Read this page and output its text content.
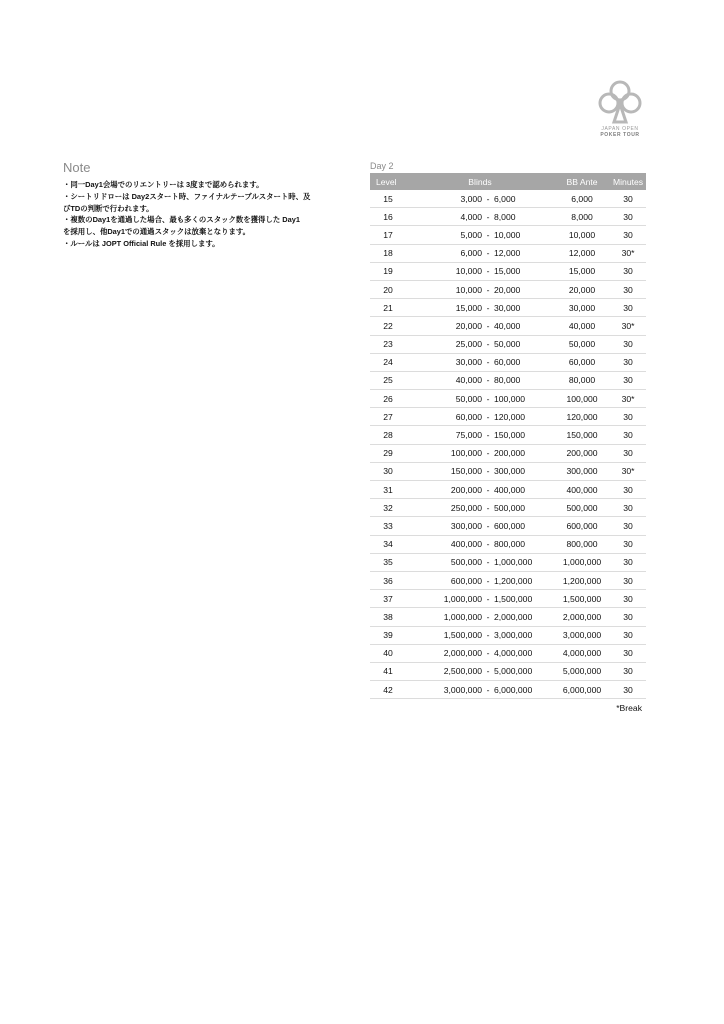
JAPAN OPEN
POKER TOUR
Note
・同一Day1会場でのリエントリーは 3度まで認められます。
・シートリドローは Day2スタート時、ファイナルテーブルスタート時、及
びTDの判断で行われます。
・複数のDay1を通過した場合、最も多くのスタック数を獲得した Day1
を採用し、他Day1での通過スタックは放棄となります。
・ルールは JOPT Official Rule を採用します。
Day 2
Level	Blinds			BB Ante	Minutes
15	3,000	-	6,000	6,000	30
16	4,000	-	8,000	8,000	30
17	5,000	-	10,000	10,000	30
18	6,000	-	12,000	12,000	30*
19	10,000	-	15,000	15,000	30
20	10,000	-	20,000	20,000	30
21	15,000	-	30,000	30,000	30
22	20,000	-	40,000	40,000	30*
23	25,000	-	50,000	50,000	30
24	30,000	-	60,000	60,000	30
25	40,000	-	80,000	80,000	30
26	50,000	-	100,000	100,000	30*
27	60,000	-	120,000	120,000	30
28	75,000	-	150,000	150,000	30
29	100,000	-	200,000	200,000	30
30	150,000	-	300,000	300,000	30*
31	200,000	-	400,000	400,000	30
32	250,000	-	500,000	500,000	30
33	300,000	-	600,000	600,000	30
34	400,000	-	800,000	800,000	30
35	500,000	-	1,000,000	1,000,000	30
36	600,000	-	1,200,000	1,200,000	30
37	1,000,000	-	1,500,000	1,500,000	30
38	1,000,000	-	2,000,000	2,000,000	30
39	1,500,000	-	3,000,000	3,000,000	30
40	2,000,000	-	4,000,000	4,000,000	30
41	2,500,000	-	5,000,000	5,000,000	30
42	3,000,000	-	6,000,000	6,000,000	30
*Break
